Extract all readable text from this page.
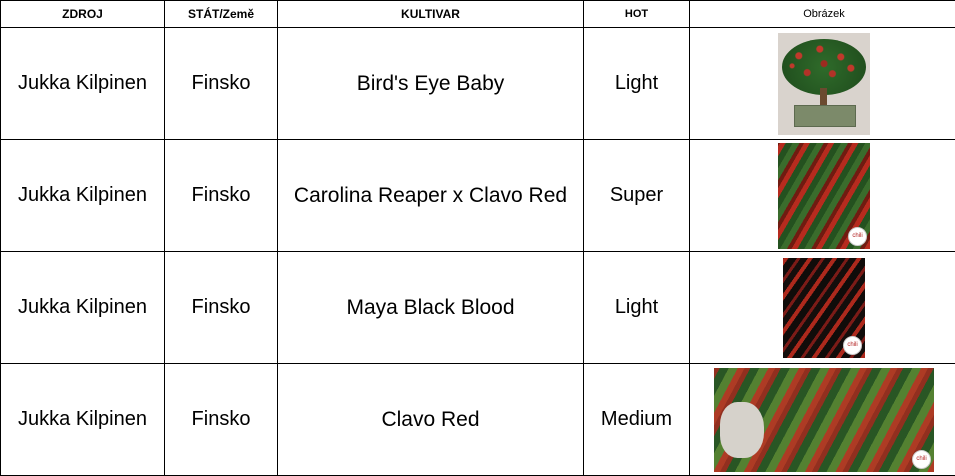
ZDROJ	STÁT/Země	KULTIVAR	HOT	Obrázek
Jukka Kilpinen	Finsko	Bird's Eye Baby	Light	

Jukka Kilpinen	Finsko	Carolina Reaper x Clavo Red	Super	chili

Jukka Kilpinen	Finsko	Maya Black Blood	Light	chili

Jukka Kilpinen	Finsko	Clavo Red	Medium	chili
